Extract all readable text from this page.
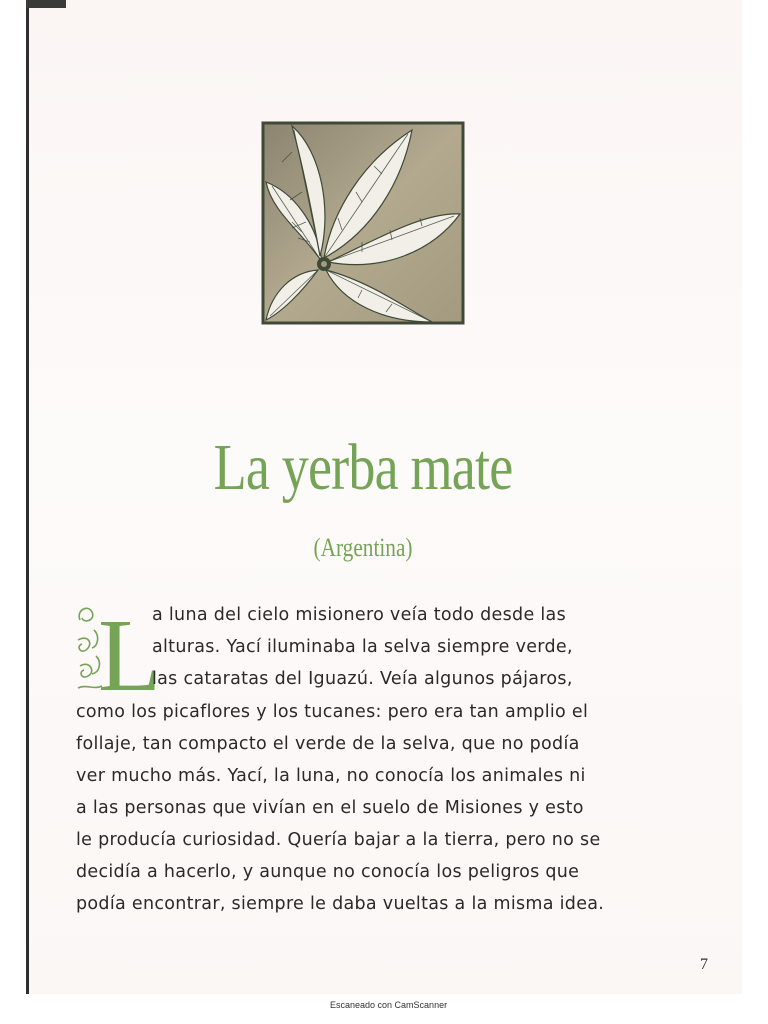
La yerba mate
(Argentina)
L
a luna del cielo misionero veía todo desde las
alturas. Yací iluminaba la selva siempre verde,
las cataratas del Iguazú. Veía algunos pájaros,
como los picaflores y los tucanes: pero era tan amplio el
follaje, tan compacto el verde de la selva, que no podía
ver mucho más. Yací, la luna, no conocía los animales ni
a las personas que vivían en el suelo de Misiones y esto
le producía curiosidad. Quería bajar a la tierra, pero no se
decidía a hacerlo, y aunque no conocía los peligros que
podía encontrar, siempre le daba vueltas a la misma idea.
7
Escaneado con CamScanner
